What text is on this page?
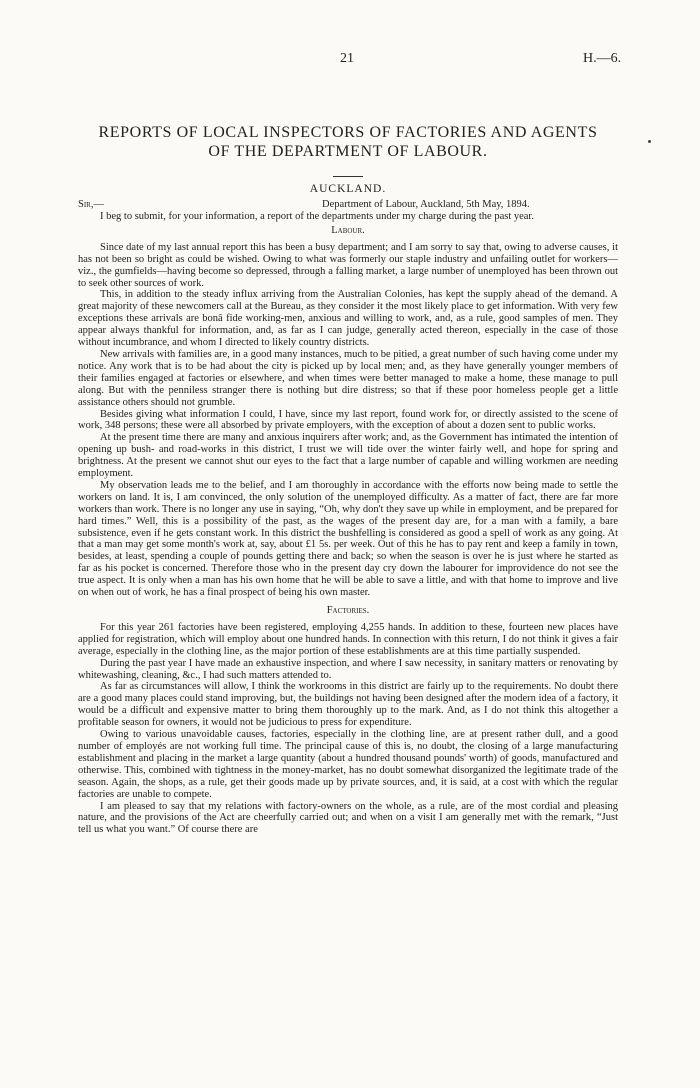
21	H.—6.
REPORTS OF LOCAL INSPECTORS OF FACTORIES AND AGENTS
OF THE DEPARTMENT OF LABOUR.
AUCKLAND.
Sir,—	Department of Labour, Auckland, 5th May, 1894.

I beg to submit, for your information, a report of the departments under my charge during the past year.

Labour.

Since date of my last annual report this has been a busy department; and I am sorry to say that, owing to adverse causes, it has not been so bright as could be wished. Owing to what was formerly our staple industry and unfailing outlet for workers—viz., the gumfields—having become so depressed, through a falling market, a large number of unemployed has been thrown out to seek other sources of work.

This, in addition to the steady influx arriving from the Australian Colonies, has kept the supply ahead of the demand. A great majority of these newcomers call at the Bureau, as they consider it the most likely place to get information. With very few exceptions these arrivals are bonâ fide working-men, anxious and willing to work, and, as a rule, good samples of men. They appear always thankful for information, and, as far as I can judge, generally acted thereon, especially in the case of those without incumbrance, and whom I directed to likely country districts.

New arrivals with families are, in a good many instances, much to be pitied, a great number of such having come under my notice. Any work that is to be had about the city is picked up by local men; and, as they have generally younger members of their families engaged at factories or elsewhere, and when times were better managed to make a home, these manage to pull along. But with the penniless stranger there is nothing but dire distress; so that if these poor homeless people get a little assistance others should not grumble.

Besides giving what information I could, I have, since my last report, found work for, or directly assisted to the scene of work, 348 persons; these were all absorbed by private employers, with the exception of about a dozen sent to public works.

At the present time there are many and anxious inquirers after work; and, as the Government has intimated the intention of opening up bush- and road-works in this district, I trust we will tide over the winter fairly well, and hope for spring and brightness. At the present we cannot shut our eyes to the fact that a large number of capable and willing workmen are needing employment.

My observation leads me to the belief, and I am thoroughly in accordance with the efforts now being made to settle the workers on land. It is, I am convinced, the only solution of the unemployed difficulty. As a matter of fact, there are far more workers than work. There is no longer any use in saying, “Oh, why don't they save up while in employment, and be prepared for hard times.” Well, this is a possibility of the past, as the wages of the present day are, for a man with a family, a bare subsistence, even if he gets constant work. In this district the bushfelling is considered as good a spell of work as any going. At that a man may get some month's work at, say, about £1 5s. per week. Out of this he has to pay rent and keep a family in town, besides, at least, spending a couple of pounds getting there and back; so when the season is over he is just where he started as far as his pocket is concerned. Therefore those who in the present day cry down the labourer for improvidence do not see the true aspect. It is only when a man has his own home that he will be able to save a little, and with that home to improve and live on when out of work, he has a final prospect of being his own master.

Factories.

For this year 261 factories have been registered, employing 4,255 hands. In addition to these, fourteen new places have applied for registration, which will employ about one hundred hands. In connection with this return, I do not think it gives a fair average, especially in the clothing line, as the major portion of these establishments are at this time partially suspended.

During the past year I have made an exhaustive inspection, and where I saw necessity, in sanitary matters or renovating by whitewashing, cleaning, &c., I had such matters attended to.

As far as circumstances will allow, I think the workrooms in this district are fairly up to the requirements. No doubt there are a good many places could stand improving, but, the buildings not having been designed after the modern idea of a factory, it would be a difficult and expensive matter to bring them thoroughly up to the mark. And, as I do not think this altogether a profitable season for owners, it would not be judicious to press for expenditure.

Owing to various unavoidable causes, factories, especially in the clothing line, are at present rather dull, and a good number of employés are not working full time. The principal cause of this is, no doubt, the closing of a large manufacturing establishment and placing in the market a large quantity (about a hundred thousand pounds' worth) of goods, manufactured and otherwise. This, combined with tightness in the money-market, has no doubt somewhat disorganized the legitimate trade of the season. Again, the shops, as a rule, get their goods made up by private sources, and, it is said, at a cost with which the regular factories are unable to compete.

I am pleased to say that my relations with factory-owners on the whole, as a rule, are of the most cordial and pleasing nature, and the provisions of the Act are cheerfully carried out; and when on a visit I am generally met with the remark, “Just tell us what you want.” Of course there are
